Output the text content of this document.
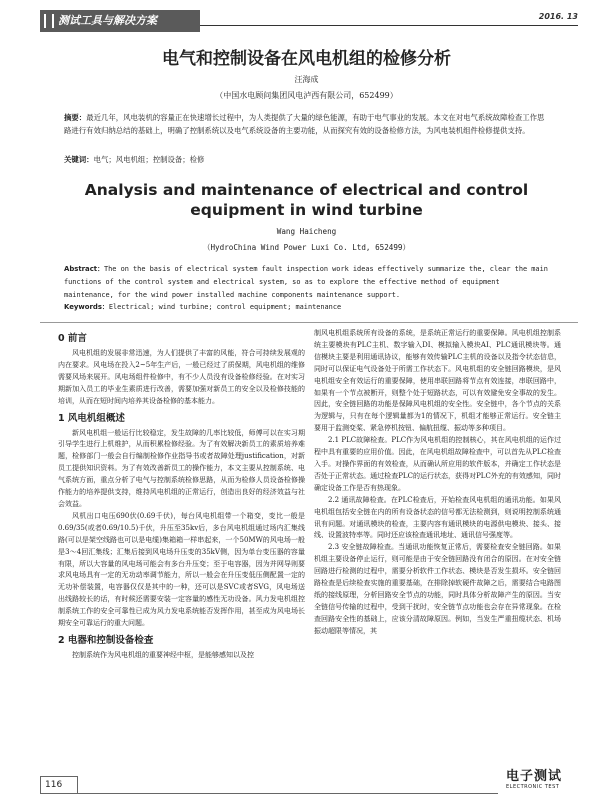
测试工具与解决方案	2016. 13
电气和控制设备在风电机组的检修分析
汪海成
（中国水电顾问集团风电泸西有限公司，652499）
摘要：最近几年，风电装机的容量正在快速增长过程中，为人类提供了大量的绿色能源，有助于电气事业的发展。本文在对电气系统故障检查工作思路进行有效归纳总结的基础上，明确了控制系统以及电气系统设备的主要功能，从而探究有效的设备检修方法，为风电装机组件检修提供支持。
关键词：电气；风电机组；控制设备；检修
Analysis and maintenance of electrical and control equipment in wind turbine
Wang Haicheng
（HydroChina Wind Power Luxi Co. Ltd, 652499）
Abstract：The on the basis of electrical system fault inspection work ideas effectively summarize the, clear the main functions of the control system and electrical system, so as to explore the effective method of equipment maintenance, for the wind power installed machine components maintenance support.
Keywords：Electrical; wind turbine; control equipment; maintenance
0 前言

风电机组的发展非常迅速，为人们提供了丰富的风能，符合可持续发展观的内在要求。风电场在投入2~5年生产后，一般已经过了质保期，风电机组的维修需要风场来展开。风电场组件检修中，有不少人员没有设备检修经验。在对实习期新加入员工的毕业生素质进行改善，需要加强对新员工的安全以及检修技能的培训，从而在短时间内培养其设备检修的基本能力。

1 风电机组概述

新风电机组一般运行比较稳定，发生故障的几率比较低，师傅可以在实习期引导学生进行上机维护，从而积累检修经验。为了有效解决新员工的素质培养难题，检修部门一般会自行编制检修作业指导书或者故障处理justification，对新员工提供知识资料。为了有效改善新员工的操作能力，本文主要从控制系统、电气系统方面，重点分析了电气与控制系统检修思路，从而为检修人员设备检修操作能力的培养提供支持，维持风电机组的正常运行，创造出良好的经济效益与社会效益。

风机出口电压690伏(0.69千伏)，每台风电机组带一个箱变，变比一般是0.69/35(或者0.69/10.5)千伏，升压至35kv后，多台风电机组通过场内汇集线路(可以是架空线路也可以是电缆)集箱箱一样串起来，一个50MW的风电场一般是3～4回汇集线；汇集后接到风电场升压变的35kV侧，因为单台变压器的容量有限，所以大容量的风电场可能会有多台升压变；至于电容器，因为并网导则要求风电场具有一定的无功动率调节能力，所以一般会在升压变低压侧配置一定的无功补偿装置，电容器仅仅是其中的一种，还可以是SVC或者SVG，风电场送出线路较长的话，有时候还需要安装一定容量的感性无功设备。风力发电机组控制系统工作的安全可靠性已成为风力发电系统能否发挥作用，甚至成为风电场长期安全可靠运行的重大问题。

2 电器和控制设备检查

控制系统作为风电机组的重要神经中枢，是能够感知以及控

制风电机组系统所有设备的系统，是系统正常运行的重要保障。风电机组控制系统主要模块有PLC主机、数字输入DI、模拟输入模块AI、PLC通讯模块等。通信模块主要是利用通讯协议，能够有效传输PLC主机的设备以及指令状态信息，同时可以保证电气设备处于所需工作状态下。风电机组的安全链回路模块，是风电机组安全有效运行的重要保障，使用串联回路将节点有效连接，串联回路中，如果有一个节点被断开，则整个处于短路状态，可以有效避免安全事故的发生。因此，安全链回路的功能是保障风电机组的安全性。安全链中，各个节点的关系为逻辑与，只有在每个逻辑量都为1的情况下，机组才能够正常运行。安全链主要用于监测变桨、紧急停机按钮、偏航扭缆、振动等多种项目。

2.1 PLC故障检查。PLC作为风电机组的控制核心，其在风电机组的运作过程中具有重要的应用价值。因此，在风电机组故障检查中，可以首先从PLC检查入手。对操作界面的有效检查，从而确认所应用的软件版本，并确定工作状态是否处于正常状态。通过检查PLC的运行状态，获得对PLC外充的有效感知，同时确定设备工作是否有热现象。

2.2 通讯故障检查。在PLC检查后，开始检查风电机组的通讯功能。如果风电机组包括安全链在内的所有设备状态的信号都无法检测到，则说明控制系统通讯有问题。对通讯模块的检查，主要内容有通讯模块的电源供电模块、接头、接线、设置波特率等。同时还应该检查通讯地址、通讯信号强度等。

2.3 安全链故障检查。当通讯功能恢复正常后，需要检查安全链回路。如果机组主要设备停止运行，则可能是由于安全链回路没有闭合的原因。在对安全链回路进行检测的过程中，需要分析软件工作状态、模块是否发生损坏。安全链回路检查是后续检查实施的重要基础，在排除掉软硬件故障之后，需要结合电路图纸的接线原理，分析回路安全节点的功能，同时具体分析故障产生的原因。当安全链信号传输的过程中，受到干扰时，安全链节点功能也会存在异常现象。在检查回路安全性的基础上，应该分清故障原因。例如，当发生严重扭缆状态、机场振动超限等情况，其

116
电子测试
ELECTRONIC TEST
